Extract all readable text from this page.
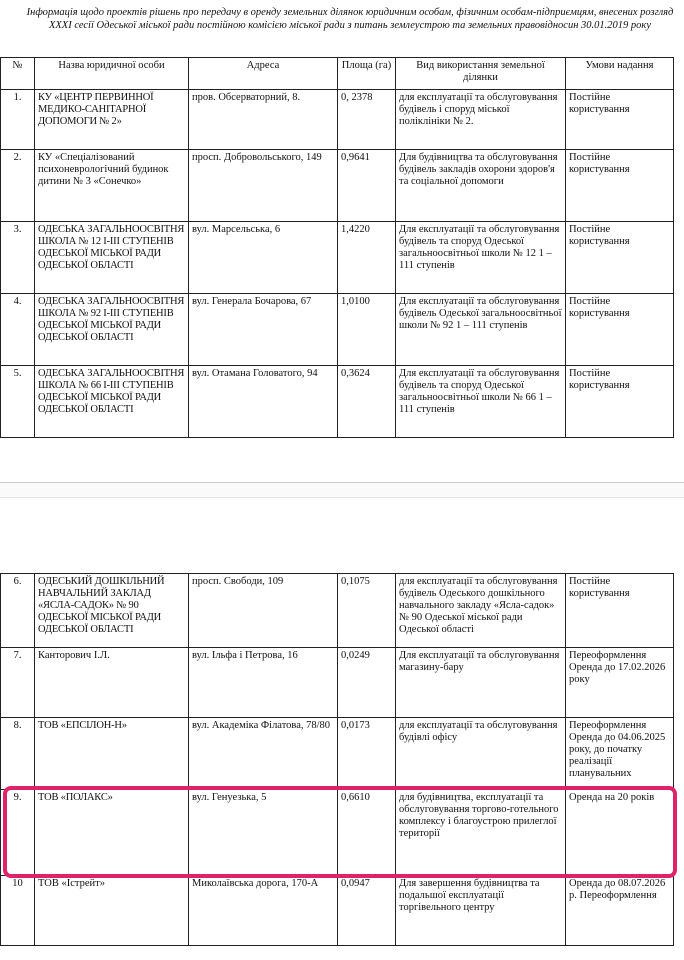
Інформація щодо проектів рішень про передачу в оренду земельних ділянок юридичним особам, фізичним особам-підприємцям, внесених розгляд ХХХІ сесії Одеської міської ради постійною комісією міської ради з питань землеустрою та земельних правовідносин 30.01.2019 року
№	Назва юридичної особи	Адреса	Площа (га)	Вид використання земельної ділянки	Умови надання
1.	КУ «ЦЕНТР ПЕРВИННОЇ МЕДИКО-САНІТАРНОЇ ДОПОМОГИ № 2»	пров. Обсерваторний, 8.	0, 2378	для експлуатації та обслуговування будівель і споруд міської поліклініки № 2.	Постійне користування
2.	КУ «Спеціалізований психоневрологічний будинок дитини № 3 «Сонечко»	просп. Добровольського, 149	0,9641	Для будівництва та обслуговування будівель закладів охорони здоров'я та соціальної допомоги	Постійне користування
3.	ОДЕСЬКА ЗАГАЛЬНООСВІТНЯ ШКОЛА № 12 I-III СТУПЕНІВ ОДЕСЬКОЇ МІСЬКОЇ РАДИ ОДЕСЬКОЇ ОБЛАСТІ	вул. Марсельська, 6	1,4220	Для експлуатації та обслуговування будівель та споруд Одеської загальноосвітньої школи № 12 1 – 111 ступенів	Постійне користування
4.	ОДЕСЬКА ЗАГАЛЬНООСВІТНЯ ШКОЛА № 92 I-III СТУПЕНІВ ОДЕСЬКОЇ МІСЬКОЇ РАДИ ОДЕСЬКОЇ ОБЛАСТІ	вул. Генерала Бочарова, 67	1,0100	Для експлуатації та обслуговування будівель Одеської загальноосвітньої школи № 92 1 – 111 ступенів	Постійне користування
5.	ОДЕСЬКА ЗАГАЛЬНООСВІТНЯ ШКОЛА № 66 I-III СТУПЕНІВ ОДЕСЬКОЇ МІСЬКОЇ РАДИ ОДЕСЬКОЇ ОБЛАСТІ	вул. Отамана Головатого, 94	0,3624	Для експлуатації та обслуговування будівель та споруд Одеської загальноосвітньої школи № 66 1 – 111 ступенів	Постійне користування
6.	ОДЕСЬКИЙ ДОШКІЛЬНИЙ НАВЧАЛЬНИЙ ЗАКЛАД «ЯСЛА-САДОК» № 90 ОДЕСЬКОЇ МІСЬКОЇ РАДИ ОДЕСЬКОЇ ОБЛАСТІ	просп. Свободи, 109	0,1075	для експлуатації та обслуговування будівель Одеського дошкільного навчального закладу «Ясла-садок» № 90 Одеської міської ради Одеської області	Постійне користування
7.	Канторович І.Л.	вул. Ільфа і Петрова, 16	0,0249	Для експлуатації та обслуговування магазину-бару	Переоформлення Оренда до 17.02.2026 року
8.	ТОВ «ЕПСІЛОН-Н»	вул. Академіка Філатова, 78/80	0,0173	для експлуатації та обслуговування будівлі офісу	Переоформлення Оренда до 04.06.2025 року, до початку реалізації планувальних
9.	ТОВ «ПОЛАКС»	вул. Генуезька, 5	0,6610	для будівництва, експлуатації та обслуговування торгово-готельного комплексу і благоустрою прилеглої території	Оренда на 20 років
10	ТОВ «Істрейт»	Миколаївська дорога, 170-А	0,0947	Для завершення будівництва та подальшої експлуатації торгівельного центру	Оренда до 08.07.2026 р. Переоформлення
